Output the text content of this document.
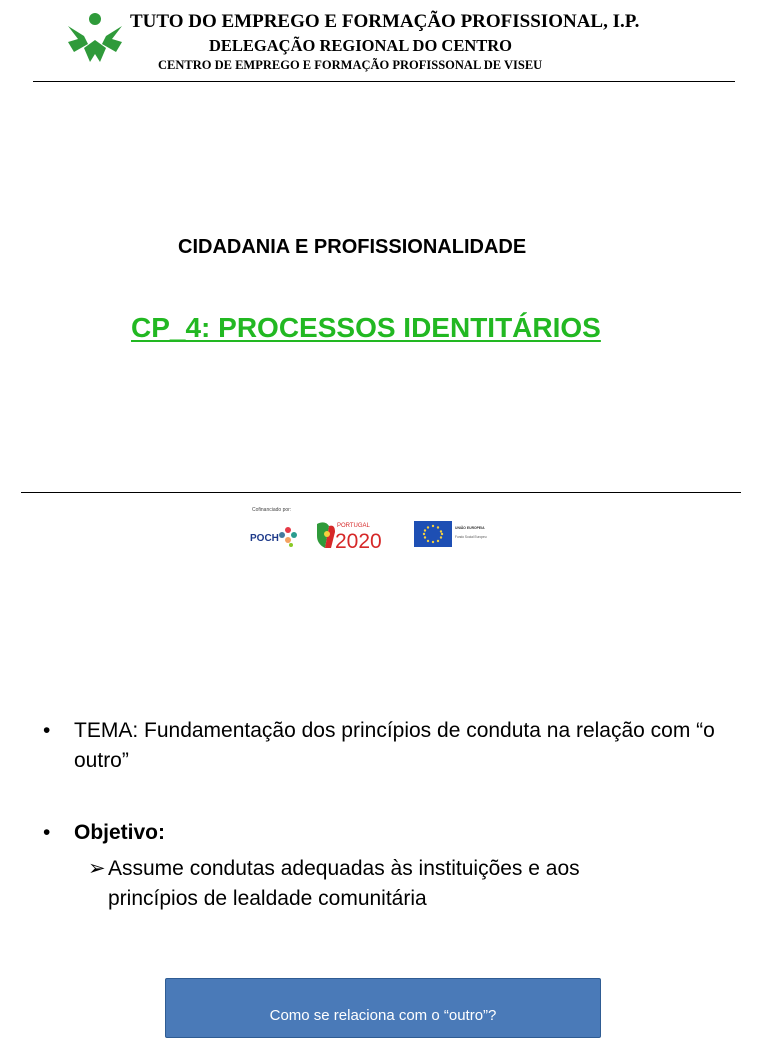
TUTO DO EMPREGO E FORMAÇÃO PROFISSIONAL, I.P.
DELEGAÇÃO REGIONAL DO CENTRO
CENTRO DE EMPREGO E FORMAÇÃO PROFISSONAL DE VISEU
CIDADANIA E PROFISSIONALIDADE
CP_4: PROCESSOS IDENTITÁRIOS
Cofinanciado por:
POCH
PORTUGAL
2020
UNIÃO EUROPEIA
Fundo Social Europeu
•	TEMA: Fundamentação dos princípios de conduta na relação com “o outro”
•	Objetivo:
➢ Assume condutas adequadas às instituições e aos
princípios de lealdade comunitária
Como se relaciona com o “outro”?
